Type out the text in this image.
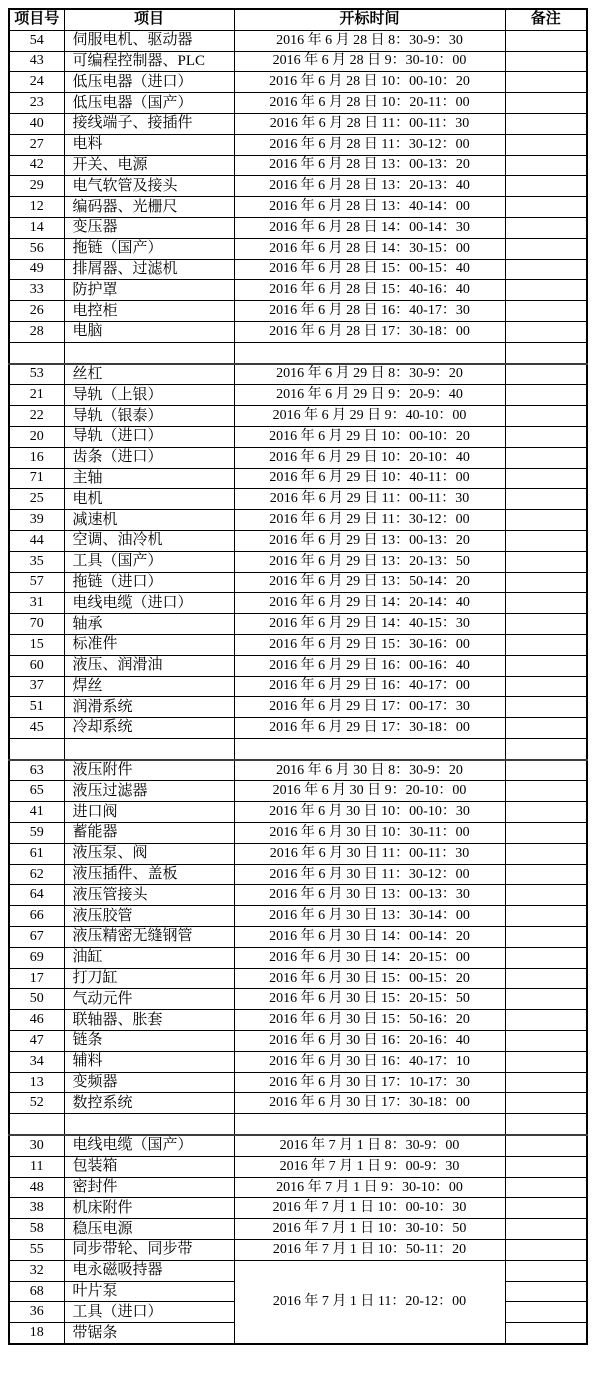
项目号	项目	开标时间	备注
54	伺服电机、驱动器	2016 年 6 月 28 日 8：30-9：30	
43	可编程控制器、PLC	2016 年 6 月 28 日 9：30-10：00	
24	低压电器（进口）	2016 年 6 月 28 日 10：00-10：20	
23	低压电器（国产）	2016 年 6 月 28 日 10：20-11：00	
40	接线端子、接插件	2016 年 6 月 28 日 11：00-11：30	
27	电料	2016 年 6 月 28 日 11：30-12：00	
42	开关、电源	2016 年 6 月 28 日 13：00-13：20	
29	电气软管及接头	2016 年 6 月 28 日 13：20-13：40	
12	编码器、光栅尺	2016 年 6 月 28 日 13：40-14：00	
14	变压器	2016 年 6 月 28 日 14：00-14：30	
56	拖链（国产）	2016 年 6 月 28 日 14：30-15：00	
49	排屑器、过滤机	2016 年 6 月 28 日 15：00-15：40	
33	防护罩	2016 年 6 月 28 日 15：40-16：40	
26	电控柜	2016 年 6 月 28 日 16：40-17：30	
28	电脑	2016 年 6 月 28 日 17：30-18：00	

53	丝杠	2016 年 6 月 29 日 8：30-9：20	
21	导轨（上银）	2016 年 6 月 29 日 9：20-9：40	
22	导轨（银泰）	2016 年 6 月 29 日 9：40-10：00	
20	导轨（进口）	2016 年 6 月 29 日 10：00-10：20	
16	齿条（进口）	2016 年 6 月 29 日 10：20-10：40	
71	主轴	2016 年 6 月 29 日 10：40-11：00	
25	电机	2016 年 6 月 29 日 11：00-11：30	
39	减速机	2016 年 6 月 29 日 11：30-12：00	
44	空调、油冷机	2016 年 6 月 29 日 13：00-13：20	
35	工具（国产）	2016 年 6 月 29 日 13：20-13：50	
57	拖链（进口）	2016 年 6 月 29 日 13：50-14：20	
31	电线电缆（进口）	2016 年 6 月 29 日 14：20-14：40	
70	轴承	2016 年 6 月 29 日 14：40-15：30	
15	标准件	2016 年 6 月 29 日 15：30-16：00	
60	液压、润滑油	2016 年 6 月 29 日 16：00-16：40	
37	焊丝	2016 年 6 月 29 日 16：40-17：00	
51	润滑系统	2016 年 6 月 29 日 17：00-17：30	
45	冷却系统	2016 年 6 月 29 日 17：30-18：00	

63	液压附件	2016 年 6 月 30 日 8：30-9：20	
65	液压过滤器	2016 年 6 月 30 日 9：20-10：00	
41	进口阀	2016 年 6 月 30 日 10：00-10：30	
59	蓄能器	2016 年 6 月 30 日 10：30-11：00	
61	液压泵、阀	2016 年 6 月 30 日 11：00-11：30	
62	液压插件、盖板	2016 年 6 月 30 日 11：30-12：00	
64	液压管接头	2016 年 6 月 30 日 13：00-13：30	
66	液压胶管	2016 年 6 月 30 日 13：30-14：00	
67	液压精密无缝钢管	2016 年 6 月 30 日 14：00-14：20	
69	油缸	2016 年 6 月 30 日 14：20-15：00	
17	打刀缸	2016 年 6 月 30 日 15：00-15：20	
50	气动元件	2016 年 6 月 30 日 15：20-15：50	
46	联轴器、胀套	2016 年 6 月 30 日 15：50-16：20	
47	链条	2016 年 6 月 30 日 16：20-16：40	
34	辅料	2016 年 6 月 30 日 16：40-17：10	
13	变频器	2016 年 6 月 30 日 17：10-17：30	
52	数控系统	2016 年 6 月 30 日 17：30-18：00	

30	电线电缆（国产）	2016 年 7 月 1 日 8：30-9：00	
11	包装箱	2016 年 7 月 1 日 9：00-9：30	
48	密封件	2016 年 7 月 1 日 9：30-10：00	
38	机床附件	2016 年 7 月 1 日 10：00-10：30	
58	稳压电源	2016 年 7 月 1 日 10：30-10：50	
55	同步带轮、同步带	2016 年 7 月 1 日 10：50-11：20	
32	电永磁吸持器	2016 年 7 月 1 日 11：20-12：00	
68	叶片泵		
36	工具（进口）		
18	带锯条		
